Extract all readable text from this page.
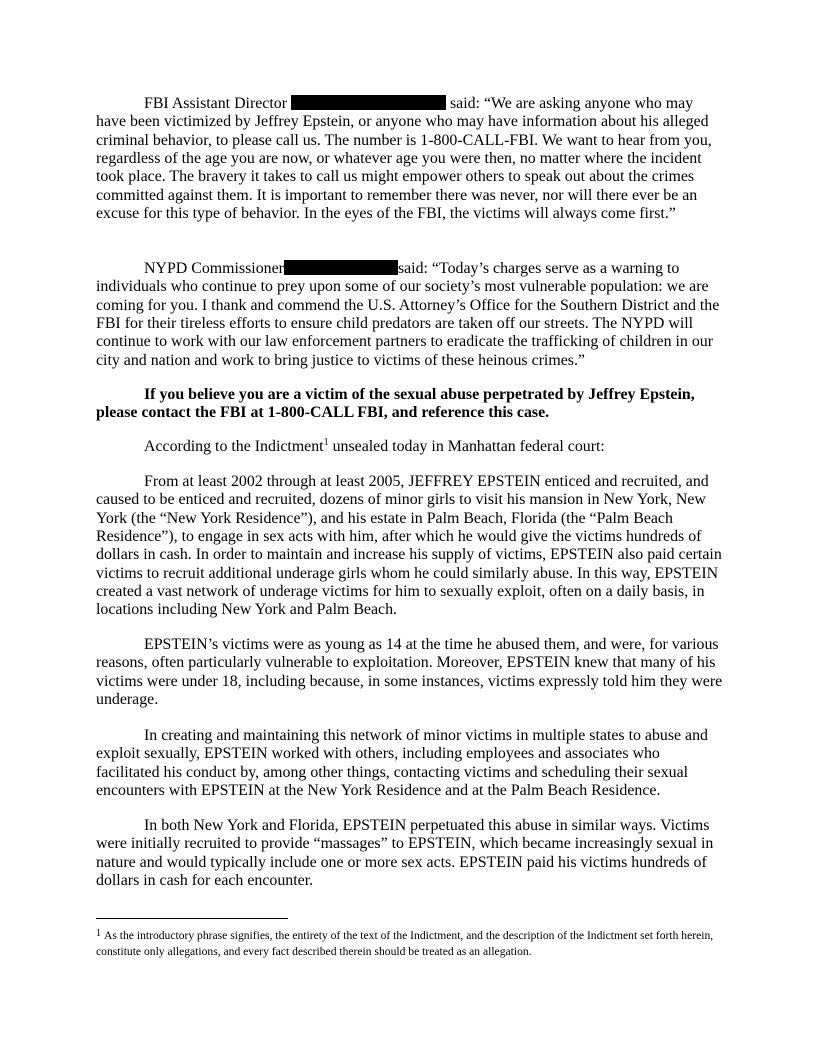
FBI Assistant Director	said: “We are asking anyone who may have been victimized by Jeffrey Epstein, or anyone who may have information about his alleged criminal behavior, to please call us. The number is 1-800-CALL-FBI. We want to hear from you, regardless of the age you are now, or whatever age you were then, no matter where the incident took place. The bravery it takes to call us might empower others to speak out about the crimes committed against them. It is important to remember there was never, nor will there ever be an excuse for this type of behavior. In the eyes of the FBI, the victims will always come first.”

NYPD Commissioner	said: “Today’s charges serve as a warning to individuals who continue to prey upon some of our society’s most vulnerable population: we are coming for you. I thank and commend the U.S. Attorney’s Office for the Southern District and the FBI for their tireless efforts to ensure child predators are taken off our streets. The NYPD will continue to work with our law enforcement partners to eradicate the trafficking of children in our city and nation and work to bring justice to victims of these heinous crimes.”

If you believe you are a victim of the sexual abuse perpetrated by Jeffrey Epstein, please contact the FBI at 1-800-CALL FBI, and reference this case.

According to the Indictment$^1$ unsealed today in Manhattan federal court:

From at least 2002 through at least 2005, JEFFREY EPSTEIN enticed and recruited, and caused to be enticed and recruited, dozens of minor girls to visit his mansion in New York, New York (the “New York Residence”), and his estate in Palm Beach, Florida (the “Palm Beach Residence”), to engage in sex acts with him, after which he would give the victims hundreds of dollars in cash. In order to maintain and increase his supply of victims, EPSTEIN also paid certain victims to recruit additional underage girls whom he could similarly abuse. In this way, EPSTEIN created a vast network of underage victims for him to sexually exploit, often on a daily basis, in locations including New York and Palm Beach.

EPSTEIN’s victims were as young as 14 at the time he abused them, and were, for various reasons, often particularly vulnerable to exploitation. Moreover, EPSTEIN knew that many of his victims were under 18, including because, in some instances, victims expressly told him they were underage.

In creating and maintaining this network of minor victims in multiple states to abuse and exploit sexually, EPSTEIN worked with others, including employees and associates who facilitated his conduct by, among other things, contacting victims and scheduling their sexual encounters with EPSTEIN at the New York Residence and at the Palm Beach Residence.

In both New York and Florida, EPSTEIN perpetuated this abuse in similar ways. Victims were initially recruited to provide “massages” to EPSTEIN, which became increasingly sexual in nature and would typically include one or more sex acts. EPSTEIN paid his victims hundreds of dollars in cash for each encounter.

$^1$ As the introductory phrase signifies, the entirety of the text of the Indictment, and the description of the Indictment set forth herein, constitute only allegations, and every fact described therein should be treated as an allegation.
